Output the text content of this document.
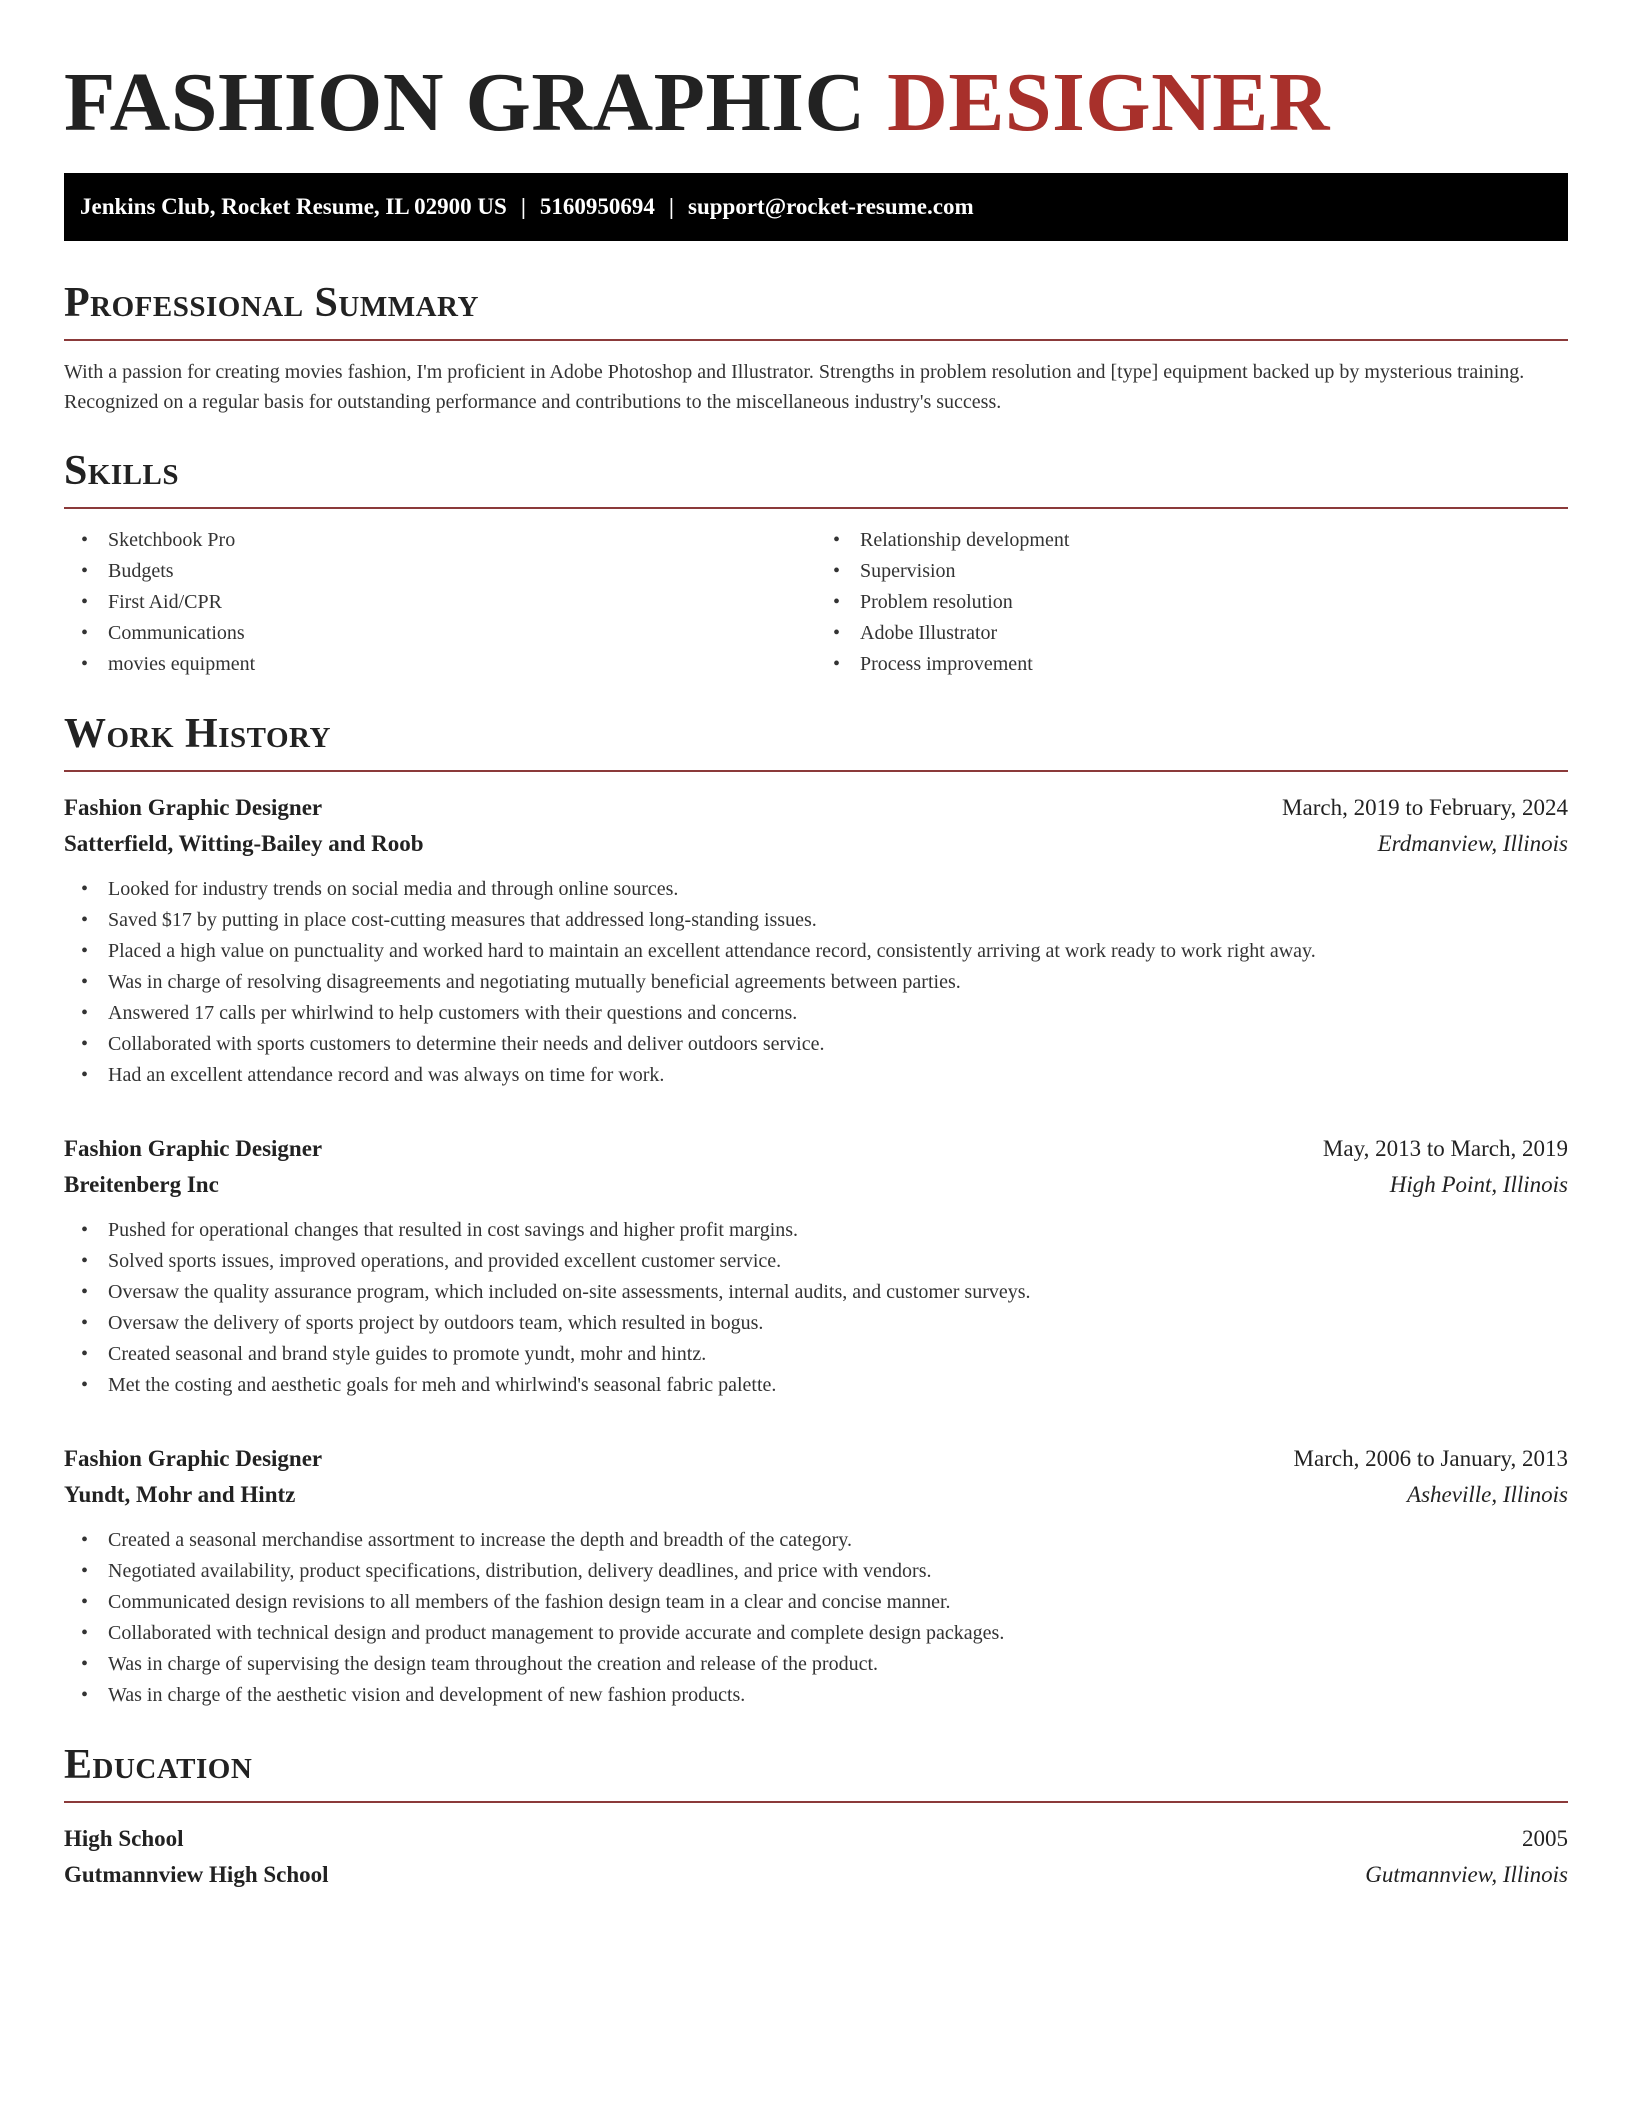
FASHION GRAPHIC DESIGNER
Jenkins Club, Rocket Resume, IL 02900 US | 5160950694 | support@rocket-resume.com
Professional Summary

With a passion for creating movies fashion, I'm proficient in Adobe Photoshop and Illustrator. Strengths in problem resolution and [type] equipment backed up by mysterious training. Recognized on a regular basis for outstanding performance and contributions to the miscellaneous industry's success.

Skills
• Sketchbook Pro
• Budgets
• First Aid/CPR
• Communications
• movies equipment
• Relationship development
• Supervision
• Problem resolution
• Adobe Illustrator
• Process improvement
Work History
Fashion Graphic Designer	March, 2019 to February, 2024
Satterfield, Witting-Bailey and Roob	Erdmanview, Illinois
• Looked for industry trends on social media and through online sources.
• Saved $17 by putting in place cost-cutting measures that addressed long-standing issues.
• Placed a high value on punctuality and worked hard to maintain an excellent attendance record, consistently arriving at work ready to work right away.
• Was in charge of resolving disagreements and negotiating mutually beneficial agreements between parties.
• Answered 17 calls per whirlwind to help customers with their questions and concerns.
• Collaborated with sports customers to determine their needs and deliver outdoors service.
• Had an excellent attendance record and was always on time for work.
Fashion Graphic Designer	May, 2013 to March, 2019
Breitenberg Inc	High Point, Illinois
• Pushed for operational changes that resulted in cost savings and higher profit margins.
• Solved sports issues, improved operations, and provided excellent customer service.
• Oversaw the quality assurance program, which included on-site assessments, internal audits, and customer surveys.
• Oversaw the delivery of sports project by outdoors team, which resulted in bogus.
• Created seasonal and brand style guides to promote yundt, mohr and hintz.
• Met the costing and aesthetic goals for meh and whirlwind's seasonal fabric palette.
Fashion Graphic Designer	March, 2006 to January, 2013
Yundt, Mohr and Hintz	Asheville, Illinois
• Created a seasonal merchandise assortment to increase the depth and breadth of the category.
• Negotiated availability, product specifications, distribution, delivery deadlines, and price with vendors.
• Communicated design revisions to all members of the fashion design team in a clear and concise manner.
• Collaborated with technical design and product management to provide accurate and complete design packages.
• Was in charge of supervising the design team throughout the creation and release of the product.
• Was in charge of the aesthetic vision and development of new fashion products.
Education
High School	2005
Gutmannview High School	Gutmannview, Illinois
